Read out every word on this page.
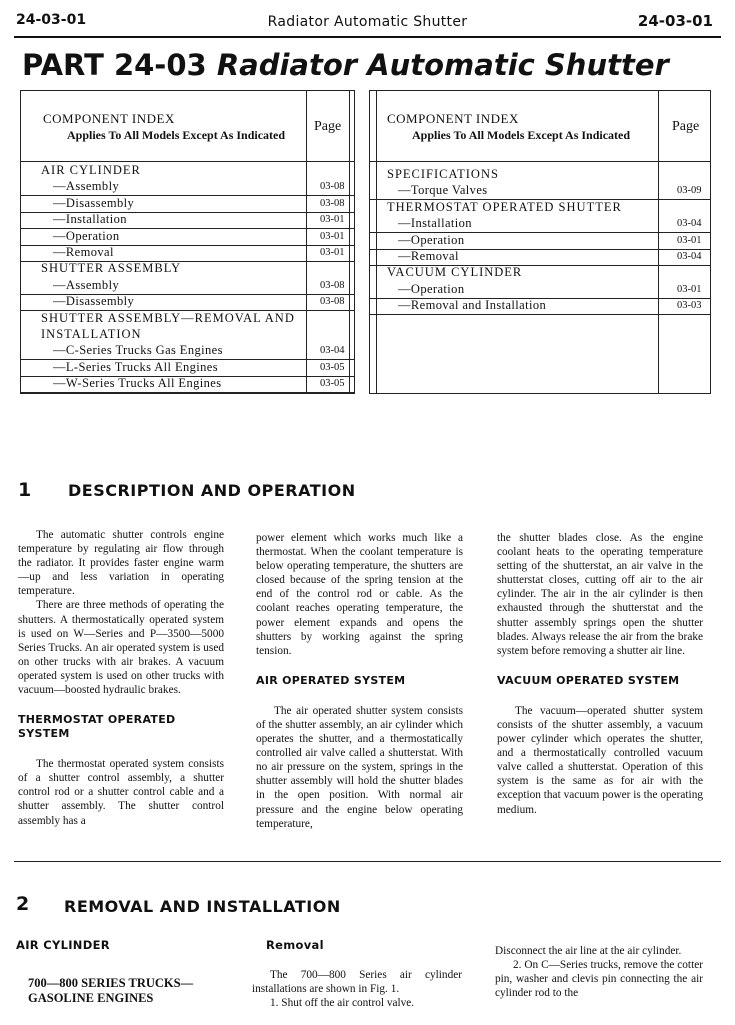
24-03-01	Radiator Automatic Shutter	24-03-01
PART 24-03 Radiator Automatic Shutter
COMPONENT INDEX
Applies To All Models Except As Indicated
Page
AIR CYLINDER
—Assembly	03-08
—Disassembly	03-08
—Installation	03-01
—Operation	03-01
—Removal	03-01
SHUTTER ASSEMBLY
—Assembly	03-08
—Disassembly	03-08
SHUTTER ASSEMBLY—REMOVAL AND
INSTALLATION
—C-Series Trucks Gas Engines	03-04
—L-Series Trucks All Engines	03-05
—W-Series Trucks All Engines	03-05
COMPONENT INDEX
Applies To All Models Except As Indicated
Page
SPECIFICATIONS
—Torque Valves	03-09
THERMOSTAT OPERATED SHUTTER
—Installation	03-04
—Operation	03-01
—Removal	03-04
VACUUM CYLINDER
—Operation	03-01
—Removal and Installation	03-03
1 DESCRIPTION AND OPERATION

The automatic shutter controls engine temperature by regulating air flow through the radiator. It provides faster engine warm—up and less variation in operating temperature.

There are three methods of operating the shutters. A thermostatically operated system is used on W—Series and P—3500—5000 Series Trucks. An air operated system is used on other trucks with air brakes. A vacuum operated system is used on other trucks with vacuum—boosted hydraulic brakes.

THERMOSTAT OPERATED SYSTEM

The thermostat operated system consists of a shutter control assembly, a shutter control rod or a shutter control cable and a shutter assembly. The shutter control assembly has a

power element which works much like a thermostat. When the coolant temperature is below operating temperature, the shutters are closed because of the spring tension at the end of the control rod or cable. As the coolant reaches operating temperature, the power element expands and opens the shutters by working against the spring tension.

AIR OPERATED SYSTEM

The air operated shutter system consists of the shutter assembly, an air cylinder which operates the shutter, and a thermostatically controlled air valve called a shutterstat. With no air pressure on the system, springs in the shutter assembly will hold the shutter blades in the open position. With normal air pressure and the engine below operating temperature,

the shutter blades close. As the engine coolant heats to the operating temperature setting of the shutterstat, an air valve in the shutterstat closes, cutting off air to the air cylinder. The air in the air cylinder is then exhausted through the shutterstat and the shutter assembly springs open the shutter blades. Always release the air from the brake system before removing a shutter air line.

VACUUM OPERATED SYSTEM

The vacuum—operated shutter system consists of the shutter assembly, a vacuum power cylinder which operates the shutter, and a thermostatically controlled vacuum valve called a shutterstat. Operation of this system is the same as for air with the exception that vacuum power is the operating medium.

2 REMOVAL AND INSTALLATION
AIR CYLINDER
700—800 SERIES TRUCKS—GASOLINE ENGINES
Removal

The 700—800 Series air cylinder installations are shown in Fig. 1.

1. Shut off the air control valve.

Disconnect the air line at the air cylinder.

2. On C—Series trucks, remove the cotter pin, washer and clevis pin connecting the air cylinder rod to the
